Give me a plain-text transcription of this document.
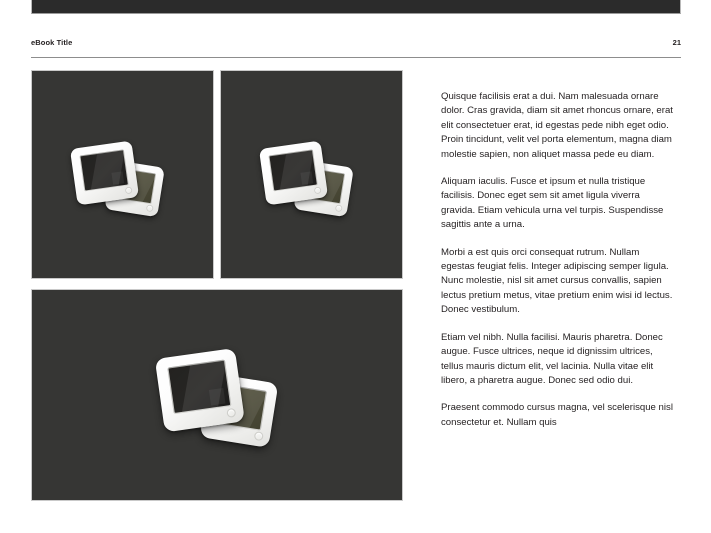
eBook Title	21

Quisque facilisis erat a dui. Nam malesuada ornare dolor. Cras gravida, diam sit amet rhoncus ornare, erat elit consectetuer erat, id egestas pede nibh eget odio. Proin tincidunt, velit vel porta elementum, magna diam molestie sapien, non aliquet massa pede eu diam.

Aliquam iaculis. Fusce et ipsum et nulla tristique facilisis. Donec eget sem sit amet ligula viverra gravida. Etiam vehicula urna vel turpis. Suspendisse sagittis ante a urna.

Morbi a est quis orci consequat rutrum. Nullam egestas feugiat felis. Integer adipiscing semper ligula. Nunc molestie, nisl sit amet cursus convallis, sapien lectus pretium metus, vitae pretium enim wisi id lectus. Donec vestibulum.

Etiam vel nibh. Nulla facilisi. Mauris pharetra. Donec augue. Fusce ultrices, neque id dignissim ultrices, tellus mauris dictum elit, vel lacinia. Nulla vitae elit libero, a pharetra augue. Donec sed odio dui.

Praesent commodo cursus magna, vel scelerisque nisl consectetur et. Nullam quis
